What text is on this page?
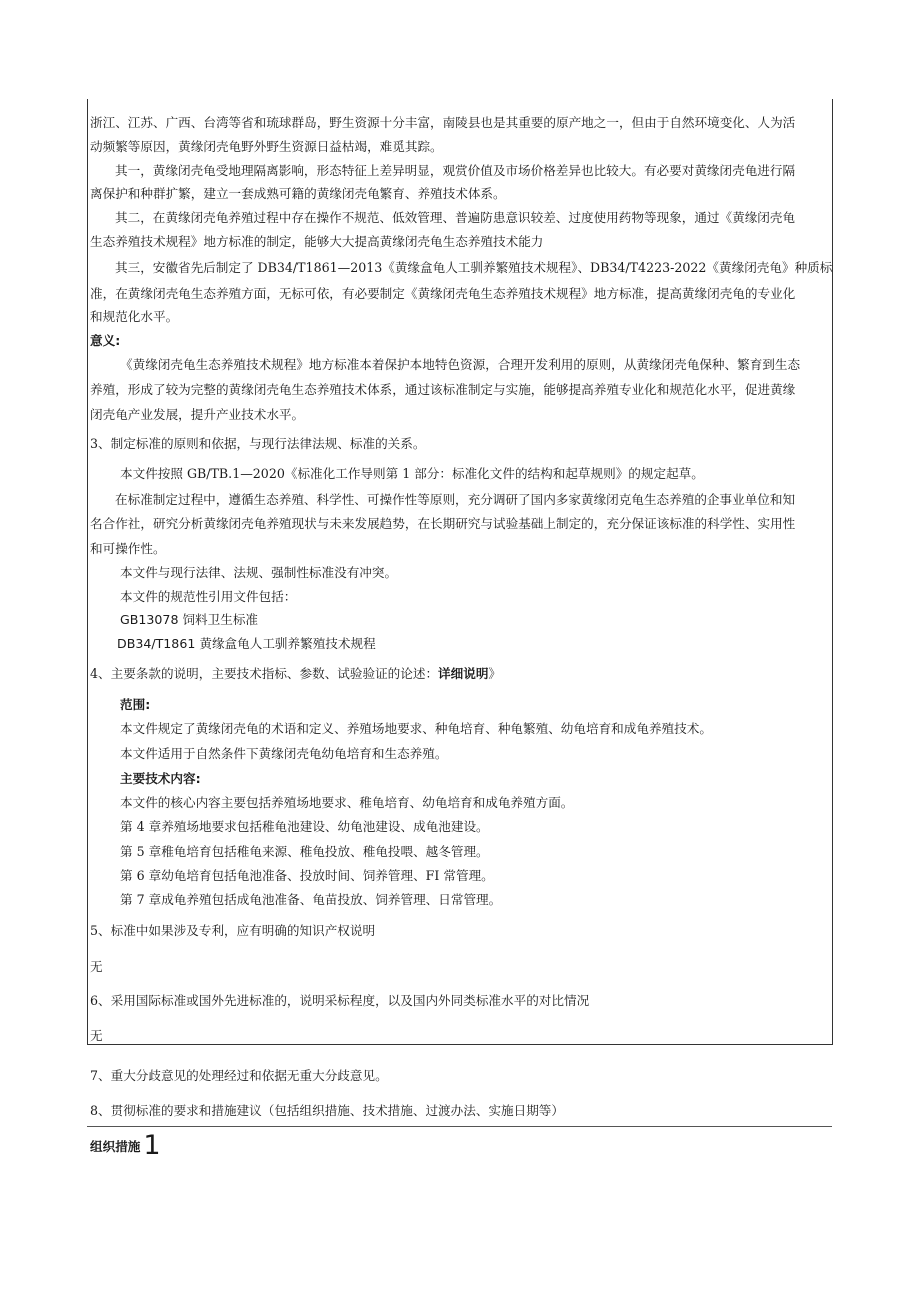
浙江、江苏、广西、台湾等省和琉球群岛，野生资源十分丰富，南陵县也是其重要的原产地之一，但由于自然环境变化、人为活
动频繁等原因，黄缘闭壳龟野外野生资源日益枯竭，难觅其踪。
其一，黄缘闭壳龟受地理隔离影响，形态特征上差异明显，观赏价值及市场价格差异也比较大。有必要对黄缘闭壳龟进行隔
离保护和种群扩繁，建立一套成熟可籍的黄缘闭壳龟繁育、养殖技术体系。
其二，在黄缘闭壳龟养殖过程中存在操作不规范、低效管理、普遍防患意识较差、过度使用药物等现象，通过《黄缘闭壳龟
生态养殖技术规程》地方标准的制定，能够大大提高黄缘闭壳龟生态养殖技术能力
其三，安徽省先后制定了 DB34/T1861—2013《黄缘盒龟人工驯养繁殖技术规程》、DB34/T4223-2022《黄缘闭壳龟》种质标
准，在黄缘闭壳龟生态养殖方面，无标可依，有必要制定《黄缘闭壳龟生态养殖技术规程》地方标准，提高黄缘闭壳龟的专业化
和规范化水平。
意义:
《黄缘闭壳龟生态养殖技术规程》地方标准本着保护本地特色资源，合理开发利用的原则，从黄缘闭壳龟保种、繁育到生态
养殖，形成了较为完整的黄缘闭壳龟生态养殖技术体系，通过该标准制定与实施，能够提高养殖专业化和规范化水平，促进黄缘
闭壳龟产业发展，提升产业技术水平。
3、制定标准的原则和依据，与现行法律法规、标准的关系。
本文件按照 GB/TB.1—2020《标准化工作导则第 1 部分：标准化文件的结构和起草规则》的规定起草。
在标准制定过程中，遵循生态养殖、科学性、可操作性等原则，充分调研了国内多家黄缘闭克龟生态养殖的企事业单位和知
名合作社，研究分析黄缘闭壳龟养殖现状与未来发展趋势，在长期研究与试验基础上制定的，充分保证该标准的科学性、实用性
和可操作性。
本文件与现行法律、法规、强制性标准没有冲突。
本文件的规范性引用文件包括：
GB13078 饲料卫生标准
DB34/T1861 黄缘盒龟人工驯养繁殖技术规程
4、主要条款的说明，主要技术指标、参数、试验验证的论述：详细说明》
范围:
本文件规定了黄缘闭壳龟的术语和定义、养殖场地要求、种龟培育、种龟繁殖、幼龟培育和成龟养殖技术。
本文件适用于自然条件下黄缘闭壳龟幼龟培育和生态养殖。
主要技术内容:
本文件的核心内容主要包括养殖场地要求、稚龟培育、幼龟培育和成龟养殖方面。
第 4 章养殖场地要求包括稚龟池建设、幼龟池建设、成龟池建设。
第 5 章稚龟培育包括稚龟来源、稚龟投放、稚龟投喂、越冬管理。
第 6 章幼龟培育包括龟池准备、投放时间、饲养管理、FI 常管理。
第 7 章成龟养殖包括成龟池准备、龟苗投放、饲养管理、日常管理。
5、标准中如果涉及专利，应有明确的知识产权说明
无
6、采用国际标准或国外先进标准的，说明采标程度，以及国内外同类标准水平的对比情况
无
7、重大分歧意见的处理经过和依据无重大分歧意见。
8、贯彻标准的要求和措施建议（包括组织措施、技术措施、过渡办法、实施日期等）
组织措施 1
